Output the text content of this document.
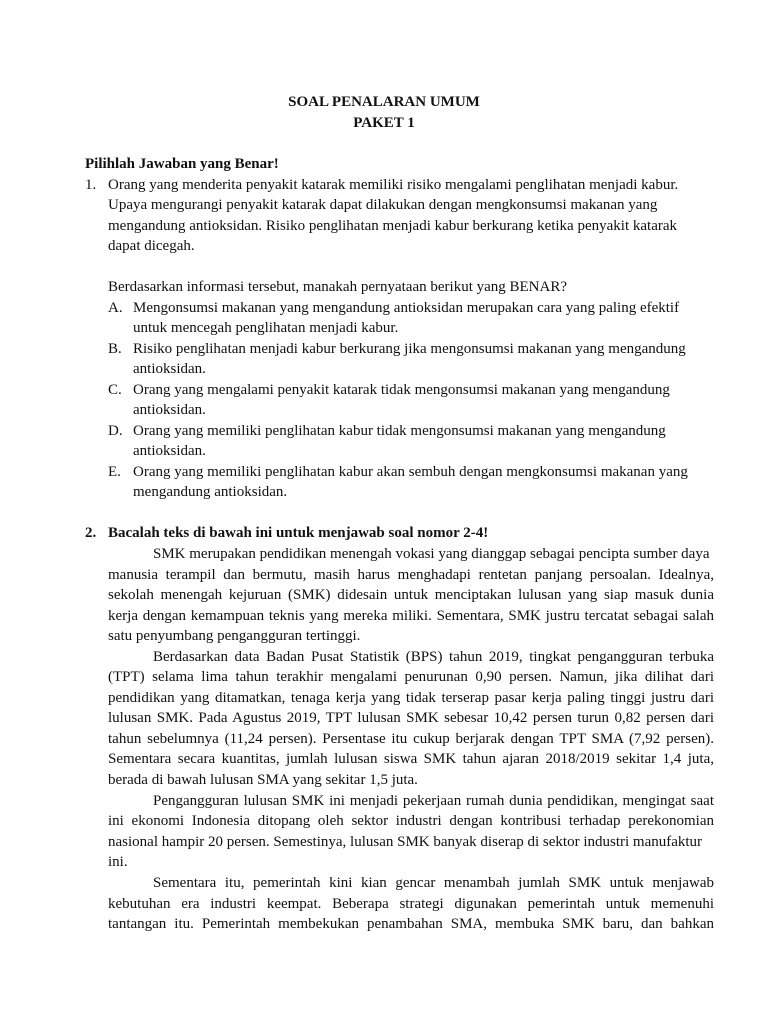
SOAL PENALARAN UMUM
PAKET 1
Pilihlah Jawaban yang Benar!
1. Orang yang menderita penyakit katarak memiliki risiko mengalami penglihatan menjadi kabur.
Upaya mengurangi penyakit katarak dapat dilakukan dengan mengkonsumsi makanan yang
mengandung antioksidan. Risiko penglihatan menjadi kabur berkurang ketika penyakit katarak
dapat dicegah.
Berdasarkan informasi tersebut, manakah pernyataan berikut yang BENAR?
A. Mengonsumsi makanan yang mengandung antioksidan merupakan cara yang paling efektif
untuk mencegah penglihatan menjadi kabur.
B. Risiko penglihatan menjadi kabur berkurang jika mengonsumsi makanan yang mengandung
antioksidan.
C. Orang yang mengalami penyakit katarak tidak mengonsumsi makanan yang mengandung
antioksidan.
D. Orang yang memiliki penglihatan kabur tidak mengonsumsi makanan yang mengandung
antioksidan.
E. Orang yang memiliki penglihatan kabur akan sembuh dengan mengkonsumsi makanan yang
mengandung antioksidan.
2. Bacalah teks di bawah ini untuk menjawab soal nomor 2-4!
SMK merupakan pendidikan menengah vokasi yang dianggap sebagai pencipta sumber daya
manusia terampil dan bermutu, masih harus menghadapi rentetan panjang persoalan. Idealnya,
sekolah menengah kejuruan (SMK) didesain untuk menciptakan lulusan yang siap masuk dunia
kerja dengan kemampuan teknis yang mereka miliki. Sementara, SMK justru tercatat sebagai salah
satu penyumbang pengangguran tertinggi.
Berdasarkan data Badan Pusat Statistik (BPS) tahun 2019, tingkat pengangguran terbuka
(TPT) selama lima tahun terakhir mengalami penurunan 0,90 persen. Namun, jika dilihat dari
pendidikan yang ditamatkan, tenaga kerja yang tidak terserap pasar kerja paling tinggi justru dari
lulusan SMK. Pada Agustus 2019, TPT lulusan SMK sebesar 10,42 persen turun 0,82 persen dari
tahun sebelumnya (11,24 persen). Persentase itu cukup berjarak dengan TPT SMA (7,92 persen).
Sementara secara kuantitas, jumlah lulusan siswa SMK tahun ajaran 2018/2019 sekitar 1,4 juta,
berada di bawah lulusan SMA yang sekitar 1,5 juta.
Pengangguran lulusan SMK ini menjadi pekerjaan rumah dunia pendidikan, mengingat saat
ini ekonomi Indonesia ditopang oleh sektor industri dengan kontribusi terhadap perekonomian
nasional hampir 20 persen. Semestinya, lulusan SMK banyak diserap di sektor industri manufaktur
ini.
Sementara itu, pemerintah kini kian gencar menambah jumlah SMK untuk menjawab
kebutuhan era industri keempat. Beberapa strategi digunakan pemerintah untuk memenuhi
tantangan itu. Pemerintah membekukan penambahan SMA, membuka SMK baru, dan bahkan
